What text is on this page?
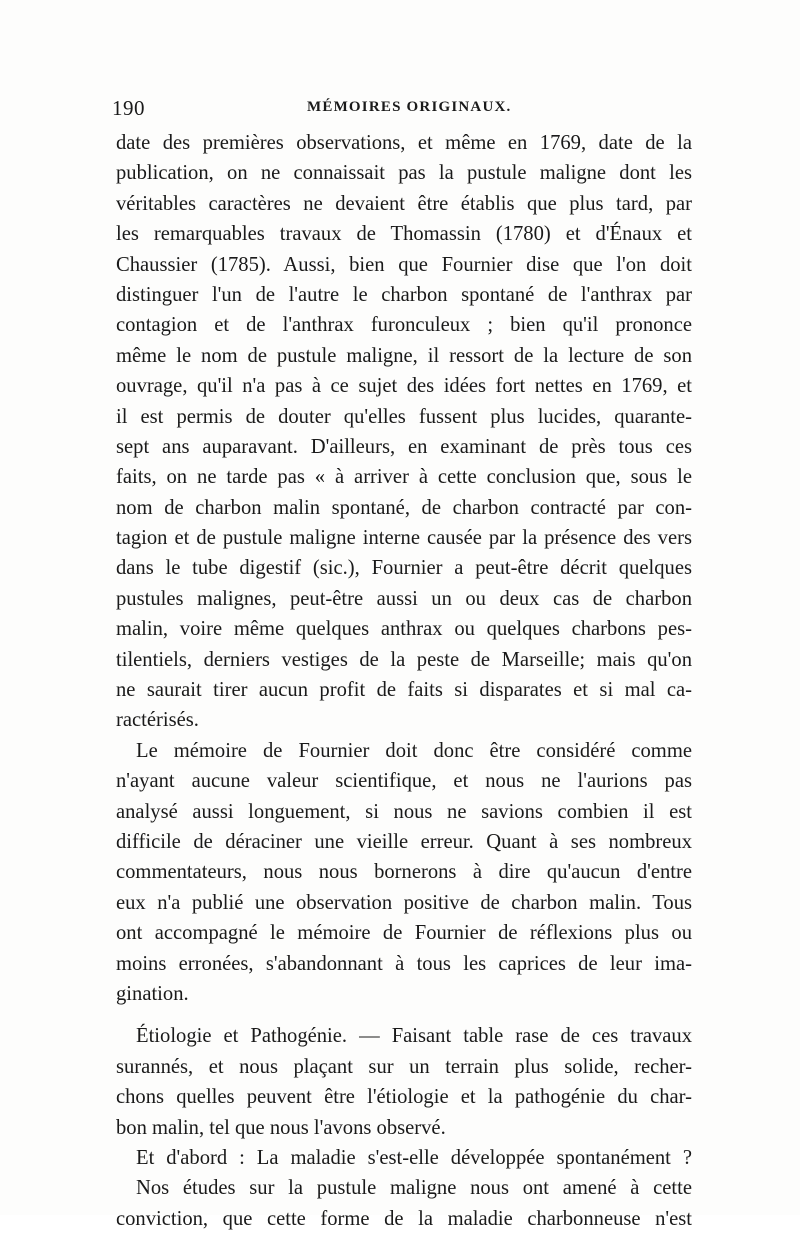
190	MÉMOIRES ORIGINAUX.
date des premières observations, et même en 1769, date de la
publication, on ne connaissait pas la pustule maligne dont les
véritables caractères ne devaient être établis que plus tard, par
les remarquables travaux de Thomassin (1780) et d'Énaux et
Chaussier (1785). Aussi, bien que Fournier dise que l'on doit
distinguer l'un de l'autre le charbon spontané de l'anthrax par
contagion et de l'anthrax furonculeux ; bien qu'il prononce
même le nom de pustule maligne, il ressort de la lecture de son
ouvrage, qu'il n'a pas à ce sujet des idées fort nettes en 1769, et
il est permis de douter qu'elles fussent plus lucides, quarante-
sept ans auparavant. D'ailleurs, en examinant de près tous ces
faits, on ne tarde pas « à arriver à cette conclusion que, sous le
nom de charbon malin spontané, de charbon contracté par con-
tagion et de pustule maligne interne causée par la présence des vers
dans le tube digestif (sic.), Fournier a peut-être décrit quelques
pustules malignes, peut-être aussi un ou deux cas de charbon
malin, voire même quelques anthrax ou quelques charbons pes-
tilentiels, derniers vestiges de la peste de Marseille; mais qu'on
ne saurait tirer aucun profit de faits si disparates et si mal ca-
ractérisés.
Le mémoire de Fournier doit donc être considéré comme
n'ayant aucune valeur scientifique, et nous ne l'aurions pas
analysé aussi longuement, si nous ne savions combien il est
difficile de déraciner une vieille erreur. Quant à ses nombreux
commentateurs, nous nous bornerons à dire qu'aucun d'entre
eux n'a publié une observation positive de charbon malin. Tous
ont accompagné le mémoire de Fournier de réflexions plus ou
moins erronées, s'abandonnant à tous les caprices de leur ima-
gination.
Étiologie et Pathogénie. — Faisant table rase de ces travaux
surannés, et nous plaçant sur un terrain plus solide, recher-
chons quelles peuvent être l'étiologie et la pathogénie du char-
bon malin, tel que nous l'avons observé.
Et d'abord : La maladie s'est-elle développée spontanément ?
Nos études sur la pustule maligne nous ont amené à cette
conviction, que cette forme de la maladie charbonneuse n'est
